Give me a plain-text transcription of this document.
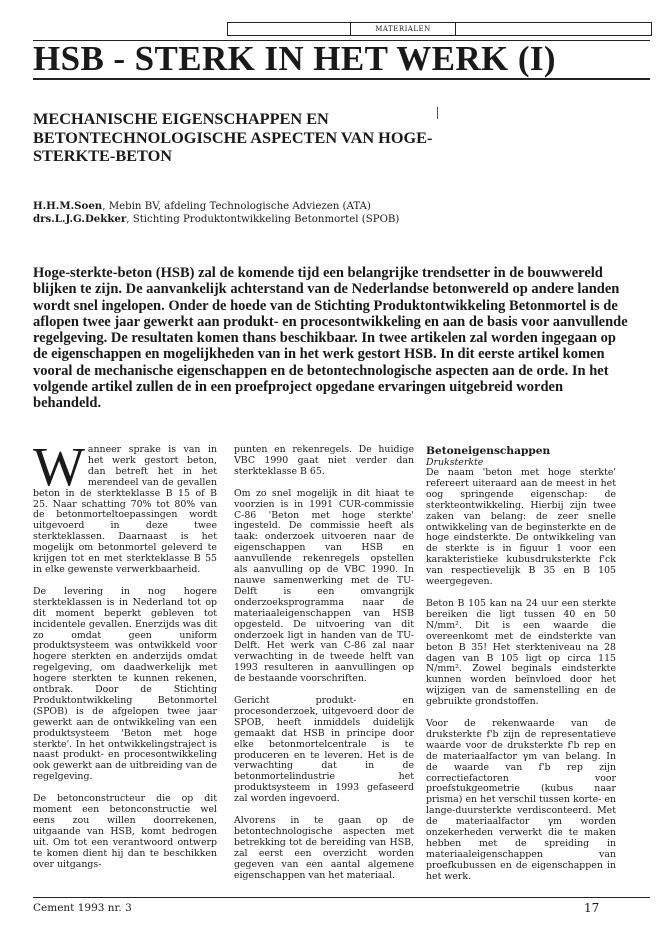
MATERIALEN
HSB - STERK IN HET WERK (I)
MECHANISCHE EIGENSCHAPPEN EN BETONTECHNOLOGISCHE ASPECTEN VAN HOGE-STERKTE-BETON
H.H.M.Soen, Mebin BV, afdeling Technologische Adviezen (ATA)
drs.L.J.G.Dekker, Stichting Produktontwikkeling Betonmortel (SPOB)

Hoge-sterkte-beton (HSB) zal de komende tijd een belangrijke trendsetter in de bouwwereld blijken te zijn. De aanvankelijk achterstand van de Nederlandse betonwereld op andere landen wordt snel ingelopen. Onder de hoede van de Stichting Produktontwikkeling Betonmortel is de aflopen twee jaar gewerkt aan produkt- en procesontwikkeling en aan de basis voor aanvullende regelgeving. De resultaten komen thans beschikbaar. In twee artikelen zal worden ingegaan op de eigenschappen en mogelijkheden van in het werk gestort HSB. In dit eerste artikel komen vooral de mechanische eigenschappen en de betontechnologische aspecten aan de orde. In het volgende artikel zullen de in een proefproject opgedane ervaringen uitgebreid worden behandeld.

Wanneer sprake is van in het werk gestort beton, dan betreft het in het merendeel van de gevallen beton in de sterkteklasse B 15 of B 25. Naar schatting 70% tot 80% van de betonmorteltoepassingen wordt uitgevoerd in deze twee sterkteklassen. Daarnaast is het mogelijk om betonmortel geleverd te krijgen tot en met sterkteklasse B 55 in elke gewenste verwerkbaarheid.

De levering in nog hogere sterkteklassen is in Nederland tot op dit moment beperkt gebleven tot incidentele gevallen. Enerzijds was dit zo omdat geen uniform produktsysteem was ontwikkeld voor hogere sterkten en anderzijds omdat regelgeving, om daadwerkelijk met hogere sterkten te kunnen rekenen, ontbrak. Door de Stichting Produktontwikkeling Betonmortel (SPOB) is de afgelopen twee jaar gewerkt aan de ontwikkeling van een produktsysteem 'Beton met hoge sterkte'. In het ontwikkelingstraject is naast produkt- en procesontwikkeling ook gewerkt aan de uitbreiding van de regelgeving.

De betonconstructeur die op dit moment een betonconstructie wel eens zou willen doorrekenen, uitgaande van HSB, komt bedrogen uit. Om tot een verantwoord ontwerp te komen dient hij dan te beschikken over uitgangs-

punten en rekenregels. De huidige VBC 1990 gaat niet verder dan sterkteklasse B 65.

Om zo snel mogelijk in dit hiaat te voorzien is in 1991 CUR-commissie C-86 'Beton met hoge sterkte' ingesteld. De commissie heeft als taak: onderzoek uitvoeren naar de eigenschappen van HSB en aanvullende rekenregels opstellen als aanvulling op de VBC 1990. In nauwe samenwerking met de TU-Delft is een omvangrijk onderzoeksprogramma naar de materiaaleigenschappen van HSB opgesteld. De uitvoering van dit onderzoek ligt in handen van de TU-Delft. Het werk van C-86 zal naar verwachting in de tweede helft van 1993 resulteren in aanvullingen op de bestaande voorschriften.

Gericht produkt- en procesonderzoek, uitgevoerd door de SPOB, heeft inmiddels duidelijk gemaakt dat HSB in principe door elke betonmortelcentrale is te produceren en te leveren. Het is de verwachting dat in de betonmortelindustrie het produktsysteem in 1993 gefaseerd zal worden ingevoerd.

Alvorens in te gaan op de betontechnologische aspecten met betrekking tot de bereiding van HSB, zal eerst een overzicht worden gegeven van een aantal algemene eigenschappen van het materiaal.

Betoneigenschappen
Druksterkte

De naam 'beton met hoge sterkte' refereert uiteraard aan de meest in het oog springende eigenschap: de sterkteontwikkeling. Hierbij zijn twee zaken van belang: de zeer snelle ontwikkeling van de beginsterkte en de hoge eindsterkte. De ontwikkeling van de sterkte is in figuur 1 voor een karakteristieke kubusdruksterkte f'ck van respectievelijk B 35 en B 105 weergegeven.

Beton B 105 kan na 24 uur een sterkte bereiken die ligt tussen 40 en 50 N/mm². Dit is een waarde die overeenkomt met de eindsterkte van beton B 35! Het sterkteniveau na 28 dagen van B 105 ligt op circa 115 N/mm². Zowel beginals eindsterkte kunnen worden beïnvloed door het wijzigen van de samenstelling en de gebruikte grondstoffen.

Voor de rekenwaarde van de druksterkte f'b zijn de representatieve waarde voor de druksterkte f'b rep en de materiaalfactor γm van belang. In de waarde van f'b rep zijn correctiefactoren voor proefstukgeometrie (kubus naar prisma) en het verschil tussen korte- en lange-duursterkte verdisconteerd. Met de materiaalfactor γm worden onzekerheden verwerkt die te maken hebben met de spreiding in materiaaleigenschappen van proefkubussen en de eigenschappen in het werk.

Cement 1993 nr. 3	17
